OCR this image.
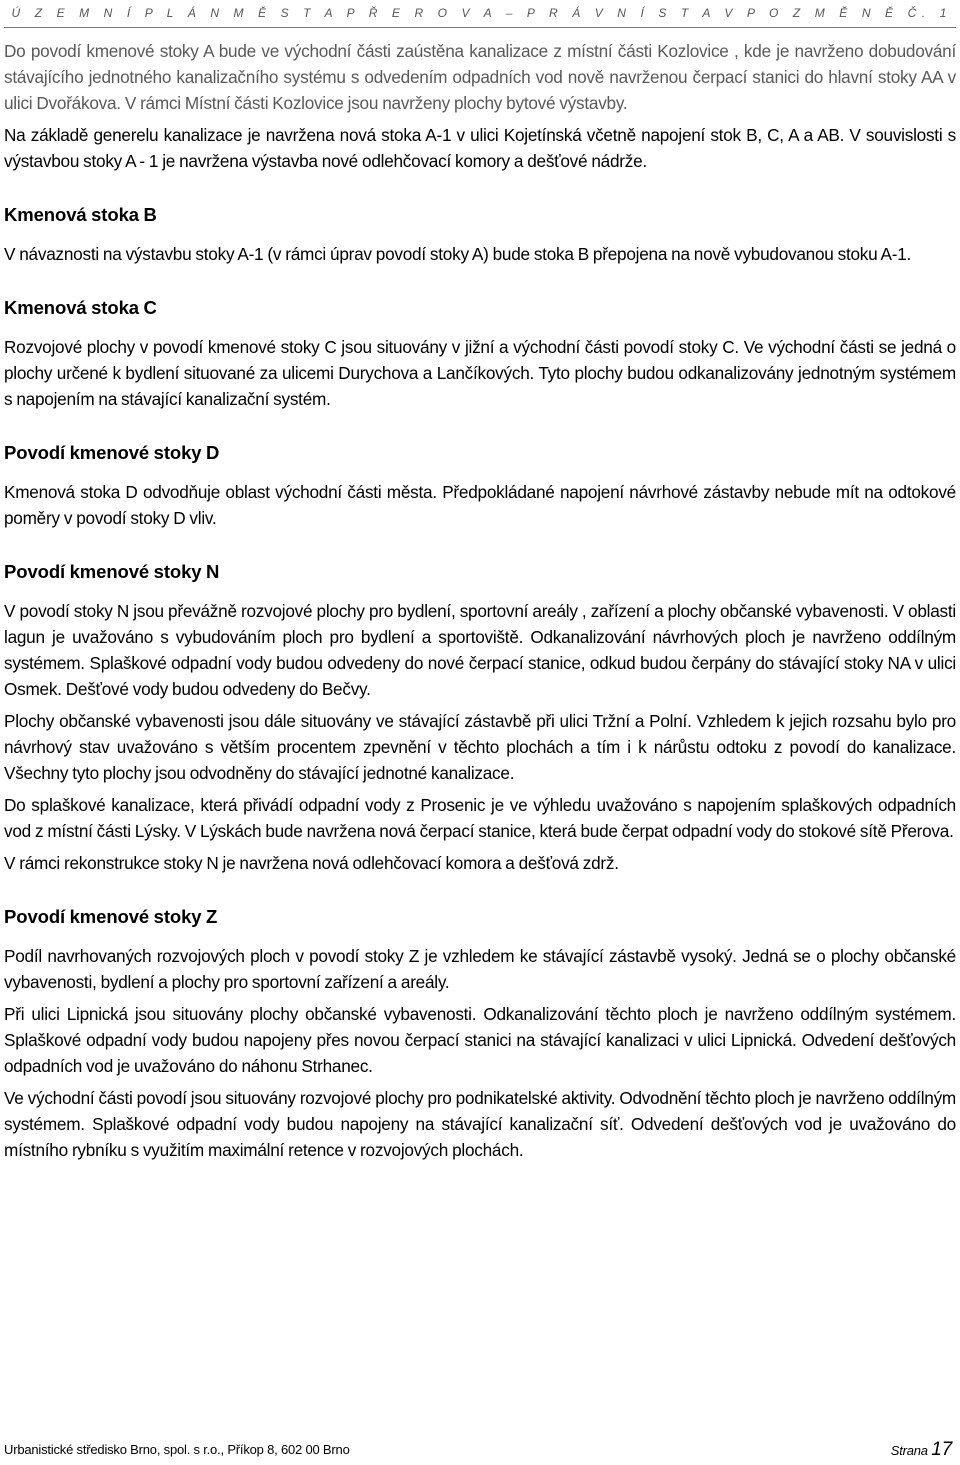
Ú Z E M N Í P L Á N M Ě S T A P Ř E R O V A – P R Á V N Í S T A V P O Z M Ě N Ě Č. 1

Do povodí kmenové stoky A bude ve východní části zaústěna kanalizace z místní části Kozlovice , kde je navrženo dobudování stávajícího jednotného kanalizačního systému s odvedením odpadních vod nově navrženou čerpací stanici do hlavní stoky AA v ulici Dvořákova. V rámci Místní části Kozlovice jsou navrženy plochy bytové výstavby.

Na základě generelu kanalizace je navržena nová stoka A-1 v ulici Kojetínská včetně napojení stok B, C, A a AB. V souvislosti s výstavbou stoky A - 1 je navržena výstavba nové odlehčovací komory a dešťové nádrže.

Kmenová stoka B

V návaznosti na výstavbu stoky A-1 (v rámci úprav povodí stoky A) bude stoka B přepojena na nově vybudovanou stoku A-1.

Kmenová stoka C

Rozvojové plochy v povodí kmenové stoky C jsou situovány v jižní a východní části povodí stoky C. Ve východní části se jedná o plochy určené k bydlení situované za ulicemi Durychova a Lančíkových. Tyto plochy budou odkanalizovány jednotným systémem s napojením na stávající kanalizační systém.

Povodí kmenové stoky D

Kmenová stoka D odvodňuje oblast východní části města. Předpokládané napojení návrhové zástavby nebude mít na odtokové poměry v povodí stoky D vliv.

Povodí kmenové stoky N

V povodí stoky N jsou převážně rozvojové plochy pro bydlení, sportovní areály , zařízení a plochy občanské vybavenosti. V oblasti lagun je uvažováno s vybudováním ploch pro bydlení a sportoviště. Odkanalizování návrhových ploch je navrženo oddílným systémem. Splaškové odpadní vody budou odvedeny do nové čerpací stanice, odkud budou čerpány do stávající stoky NA v ulici Osmek. Dešťové vody budou odvedeny do Bečvy.

Plochy občanské vybavenosti jsou dále situovány ve stávající zástavbě při ulici Tržní a Polní. Vzhledem k jejich rozsahu bylo pro návrhový stav uvažováno s větším procentem zpevnění v těchto plochách a tím i k nárůstu odtoku z povodí do kanalizace. Všechny tyto plochy jsou odvodněny do stávající jednotné kanalizace.

Do splaškové kanalizace, která přivádí odpadní vody z Prosenic je ve výhledu uvažováno s napojením splaškových odpadních vod z místní části Lýsky. V Lýskách bude navržena nová čerpací stanice, která bude čerpat odpadní vody do stokové sítě Přerova.

V rámci rekonstrukce stoky N je navržena nová odlehčovací komora a dešťová zdrž.

Povodí kmenové stoky Z

Podíl navrhovaných rozvojových ploch v povodí stoky Z je vzhledem ke stávající zástavbě vysoký. Jedná se o plochy občanské vybavenosti, bydlení a plochy pro sportovní zařízení a areály.

Při ulici Lipnická jsou situovány plochy občanské vybavenosti. Odkanalizování těchto ploch je navrženo oddílným systémem. Splaškové odpadní vody budou napojeny přes novou čerpací stanici na stávající kanalizaci v ulici Lipnická. Odvedení dešťových odpadních vod je uvažováno do náhonu Strhanec.

Ve východní části povodí jsou situovány rozvojové plochy pro podnikatelské aktivity. Odvodnění těchto ploch je navrženo oddílným systémem. Splaškové odpadní vody budou napojeny na stávající kanalizační síť. Odvedení dešťových vod je uvažováno do místního rybníku s využitím maximální retence v rozvojových plochách.

Urbanistické středisko Brno, spol. s r.o., Příkop 8, 602 00 Brno	Strana 17
